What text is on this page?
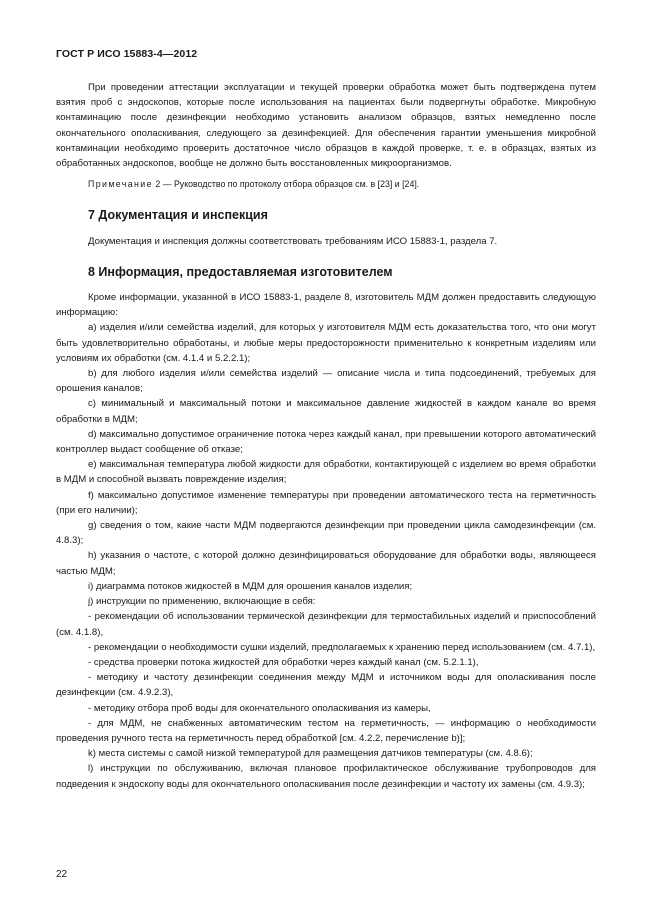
ГОСТ Р ИСО 15883-4—2012

При проведении аттестации эксплуатации и текущей проверки обработка может быть подтверждена путем взятия проб с эндоскопов, которые после использования на пациентах были подвергнуты обработке. Микробную контаминацию после дезинфекции необходимо установить анализом образцов, взятых немедленно после окончательного ополаскивания, следующего за дезинфекцией. Для обеспечения гарантии уменьшения микробной контаминации необходимо проверить достаточное число образцов в каждой проверке, т. е. в образцах, взятых из обработанных эндоскопов, вообще не должно быть восстановленных микроорганизмов.

Примечание 2 — Руководство по протоколу отбора образцов см. в [23] и [24].

7 Документация и инспекция

Документация и инспекция должны соответствовать требованиям ИСО 15883-1, раздела 7.

8 Информация, предоставляемая изготовителем

Кроме информации, указанной в ИСО 15883-1, разделе 8, изготовитель МДМ должен предоставить следующую информацию:

a) изделия и/или семейства изделий, для которых у изготовителя МДМ есть доказательства того, что они могут быть удовлетворительно обработаны, и любые меры предосторожности применительно к конкретным изделиям или условиям их обработки (см. 4.1.4 и 5.2.2.1);

b) для любого изделия и/или семейства изделий — описание числа и типа подсоединений, требуемых для орошения каналов;

c) минимальный и максимальный потоки и максимальное давление жидкостей в каждом канале во время обработки в МДМ;

d) максимально допустимое ограничение потока через каждый канал, при превышении которого автоматический контроллер выдаст сообщение об отказе;

e) максимальная температура любой жидкости для обработки, контактирующей с изделием во время обработки в МДМ и способной вызвать повреждение изделия;

f) максимально допустимое изменение температуры при проведении автоматического теста на герметичность (при его наличии);

g) сведения о том, какие части МДМ подвергаются дезинфекции при проведении цикла самодезинфекции (см. 4.8.3);

h) указания о частоте, с которой должно дезинфицироваться оборудование для обработки воды, являющееся частью МДМ;

i) диаграмма потоков жидкостей в МДМ для орошения каналов изделия;

j) инструкции по применению, включающие в себя:

- рекомендации об использовании термической дезинфекции для термостабильных изделий и приспособлений (см. 4.1.8),

- рекомендации о необходимости сушки изделий, предполагаемых к хранению перед использованием (см. 4.7.1),

- средства проверки потока жидкостей для обработки через каждый канал (см. 5.2.1.1),

- методику и частоту дезинфекции соединения между МДМ и источником воды для ополаскивания после дезинфекции (см. 4.9.2.3),

- методику отбора проб воды для окончательного ополаскивания из камеры,

- для МДМ, не снабженных автоматическим тестом на герметичность, — информацию о необходимости проведения ручного теста на герметичность перед обработкой [см. 4.2.2, перечисление b)];

k) места системы с самой низкой температурой для размещения датчиков температуры (см. 4.8.6);

l) инструкции по обслуживанию, включая плановое профилактическое обслуживание трубопроводов для подведения к эндоскопу воды для окончательного ополаскивания после дезинфекции и частоту их замены (см. 4.9.3);

22
